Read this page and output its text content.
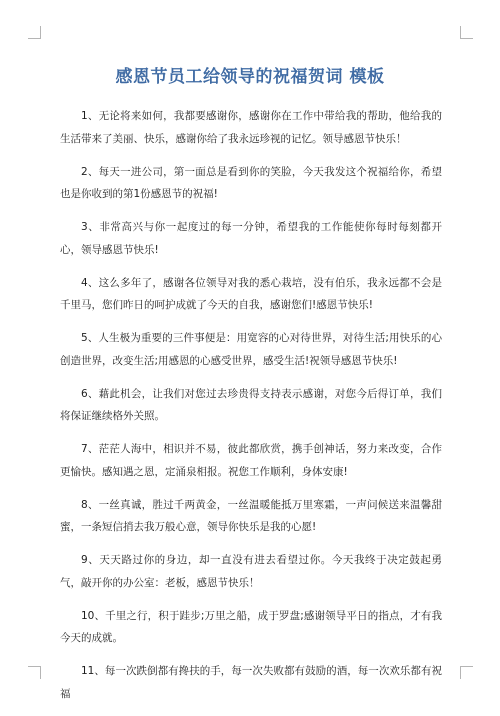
感恩节员工给领导的祝福贺词 模板

1、无论将来如何，我都要感谢你，感谢你在工作中带给我的帮助，他给我的生活带来了美丽、快乐，感谢你给了我永远珍视的记忆。领导感恩节快乐！

2、每天一进公司，第一面总是看到你的笑脸，今天我发这个祝福给你，希望也是你收到的第1份感恩节的祝福!

3、非常高兴与你一起度过的每一分钟，希望我的工作能使你每时每刻都开心，领导感恩节快乐!

4、这么多年了，感谢各位领导对我的悉心栽培，没有伯乐，我永远都不会是千里马，您们昨日的呵护成就了今天的自我，感谢您们!感恩节快乐!

5、人生极为重要的三件事便是：用宽容的心对待世界，对待生活;用快乐的心创造世界，改变生活;用感恩的心感受世界，感受生活!祝领导感恩节快乐!

6、藉此机会，让我们对您过去珍贵得支持表示感谢，对您今后得订单，我们将保证继续格外关照。

7、茫茫人海中，相识并不易，彼此都欣赏，携手创神话，努力来改变，合作更愉快。感知遇之恩，定涌泉相报。祝您工作顺利，身体安康!

8、一丝真诚，胜过千两黄金，一丝温暖能抵万里寒霜，一声问候送来温馨甜蜜，一条短信捎去我万般心意，领导你快乐是我的心愿!

9、天天路过你的身边，却一直没有进去看望过你。今天我终于决定鼓起勇气，敲开你的办公室：老板，感恩节快乐！

10、千里之行，积于跬步;万里之船，成于罗盘;感谢领导平日的指点，才有我今天的成就。

11、每一次跌倒都有搀扶的手，每一次失败都有鼓励的酒，每一次欢乐都有祝福
